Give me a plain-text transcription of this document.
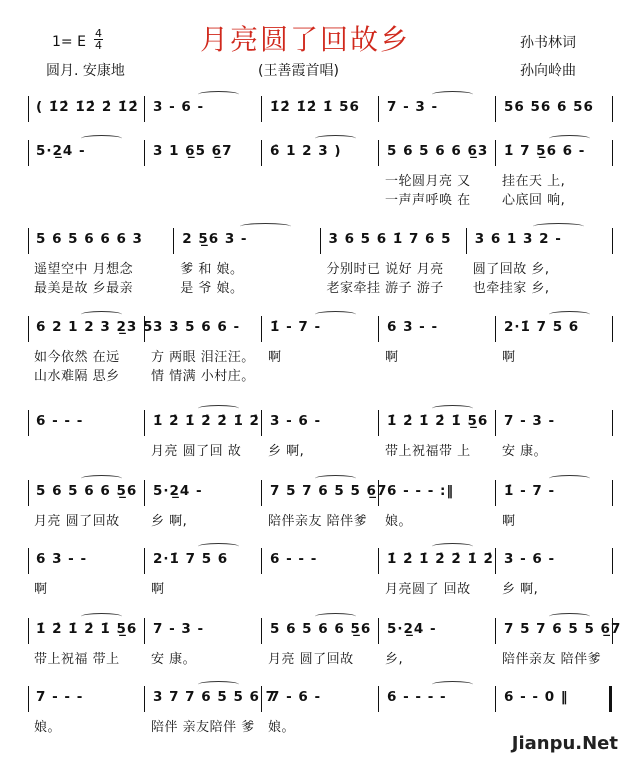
1= E
4
4	月亮圆了回故乡	孙书林词
圆月. 安康地	(王善霞首唱)	孙向岭曲
( 1̇2̇ 1̇2̇ 2̇ 1̇2̇ 3 - 6 -	1̇2̇ 1̇2̇ 1̇ 56	7 - 3 -	56 56 6 56
5·2̲4 -	3 1 6̲5 6̲7	6̇ 1 2 3 )	5 6 5 6 6 6̲3 1̇ 7 5̲6 6 -
一轮圆月亮 又 挂在天 上,
一声声呼唤 在 心底回 响,
5 6 5 6 6 6 3	2 5̲6 3 -	3 6 5 6 1̇ 7 6 5	3 6 1 3 2 -
遥望空中 月想念	爹 和 娘。	分别时已 说好 月亮 圆了回故 乡,
最美是故 乡最亲	是 爷 娘。	老家牵挂 游子 游子 也牵挂家 乡,
6 2 1 2 3 2̲3 5 3 3 5 6 6 -	1̇ - 7 -	6 3 - -	2·1̇ 7 5 6
如今依然 在远 方 两眼 泪汪汪。 啊	啊	啊
山水难隔 思乡 情 情满 小村庄。
6 - - -	1̇ 2̇ 1̇ 2̇ 2̇ 1̇ 2̇ 3 - 6 -	1̇ 2̇ 1̇ 2̇ 1̇ 5̲6 7 - 3 -
月亮 圆了回 故 乡 啊,	带上祝福带 上 安 康。
5 6 5 6 6 5̲6 5·2̲4 -	7 5 7 6 5 5 6̲7 6 - - - :‖	1̇ - 7 -
月亮 圆了回故 乡 啊,	陪伴亲友 陪伴爹 娘。	啊
6 3 - -	2·1̇ 7 5 6	6 - - -	1̇ 2̇ 1̇ 2̇ 2̇ 1̇ 2̇ 3 - 6 -
啊	啊	月亮圆了 回故 乡 啊,
1̇ 2̇ 1̇ 2̇ 1̇ 5̲6 7 - 3 -	5 6 5 6 6 5̲6 5·2̲4 -	7 5 7 6 5 5 6̲7
带上祝福 带上 安 康。	月亮 圆了回故 乡,	陪伴亲友 陪伴爹
7 - - -	3 7 7 6 5 5 6 7
7 - 6 -	6 - - - -	6 - - 0 ‖
娘。	陪伴 亲友陪伴 爹 娘。
Jianpu.Net
